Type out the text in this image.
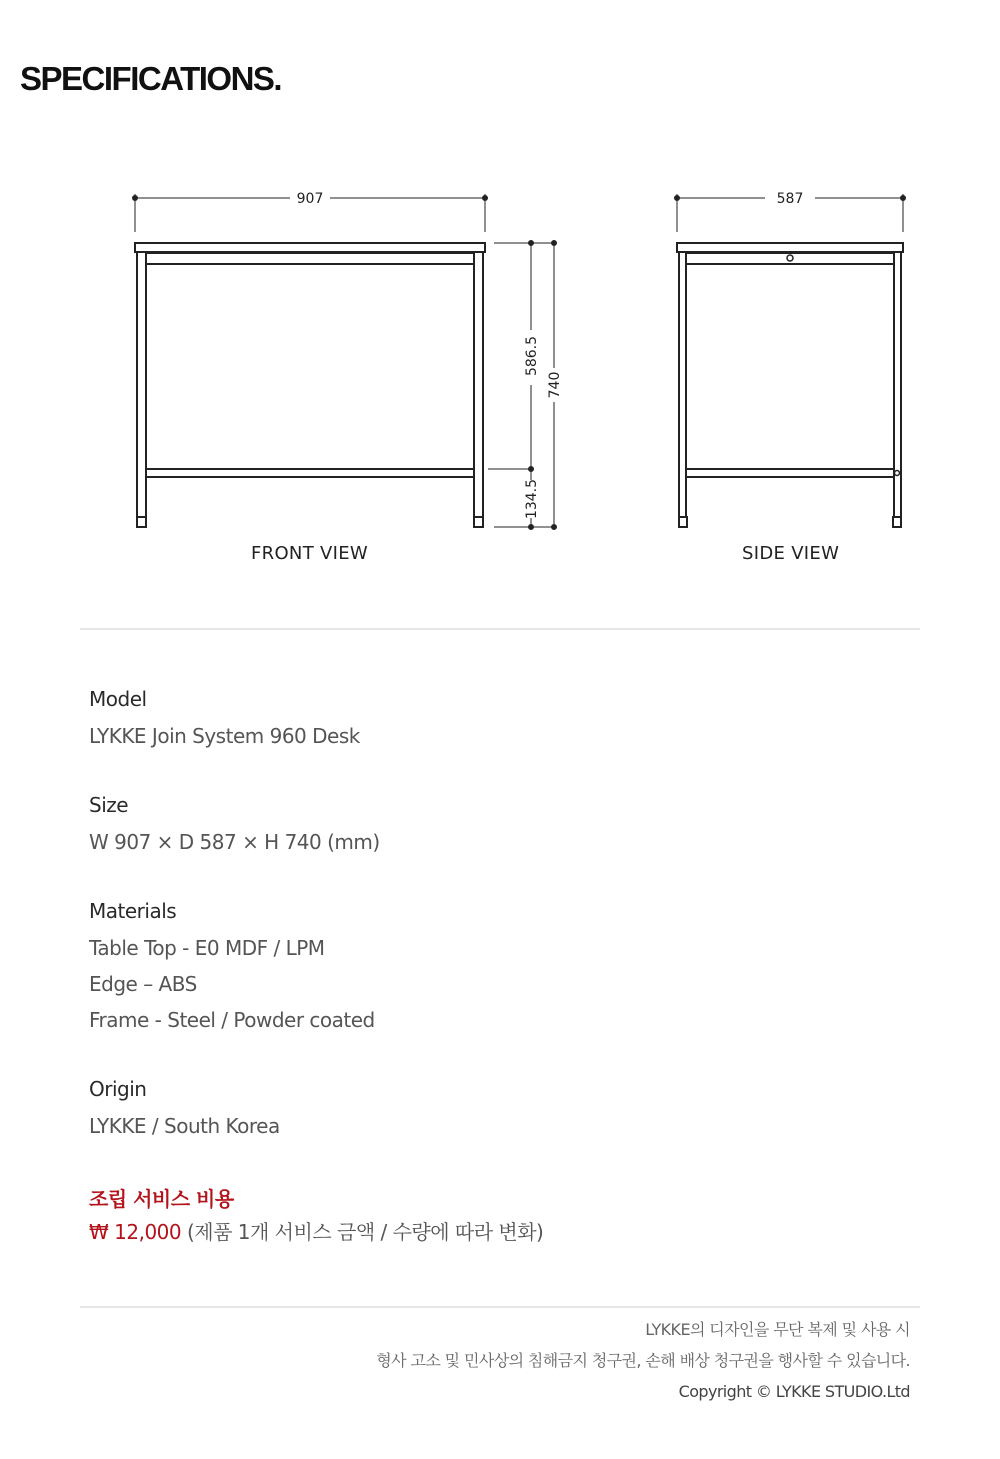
SPECIFICATIONS.
907
586.5
740
134.5
587
FRONT VIEW	SIDE VIEW
Model
LYKKE Join System 960 Desk
Size
W 907 × D 587 × H 740 (mm)
Materials
Table Top - E0 MDF / LPM
Edge – ABS
Frame - Steel / Powder coated
Origin
LYKKE / South Korea
조립 서비스 비용
₩ 12,000 (제품 1개 서비스 금액 / 수량에 따라 변화)
LYKKE의 디자인을 무단 복제 및 사용 시
형사 고소 및 민사상의 침해금지 청구권, 손해 배상 청구권을 행사할 수 있습니다.
Copyright © LYKKE STUDIO.Ltd
